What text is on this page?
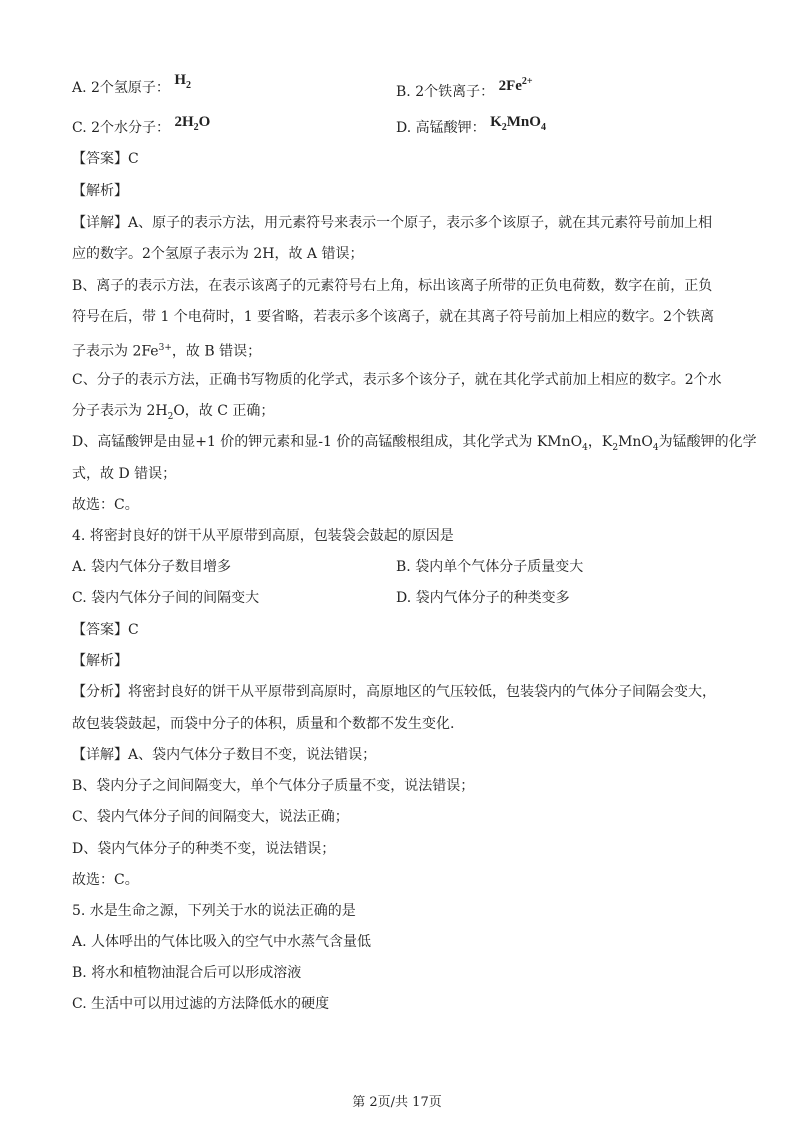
A. 2个氢原子： $H_2$	B. 2个铁离子： $2Fe^{2+}$
C. 2个水分子： $2H_2O$	D. 高锰酸钾： $K_2MnO_4$
【答案】C
【解析】
【详解】A、原子的表示方法，用元素符号来表示一个原子，表示多个该原子，就在其元素符号前加上相
应的数字。2个氢原子表示为 2H，故 A 错误；
B、离子的表示方法，在表示该离子的元素符号右上角，标出该离子所带的正负电荷数，数字在前，正负
符号在后，带 1 个电荷时，1 要省略，若表示多个该离子，就在其离子符号前加上相应的数字。2个铁离
子表示为 $2Fe^{3+}$，故 B 错误；
C、分子的表示方法，正确书写物质的化学式，表示多个该分子，就在其化学式前加上相应的数字。2个水
分子表示为 $2H_2O$，故 C 正确；
D、高锰酸钾是由显+1 价的钾元素和显-1 价的高锰酸根组成，其化学式为 KMnO$_4$，$K_2MnO_4$为锰酸钾的化学
式，故 D 错误；
故选：C。
4. 将密封良好的饼干从平原带到高原，包装袋会鼓起的原因是
A. 袋内气体分子数目增多	B. 袋内单个气体分子质量变大
C. 袋内气体分子间的间隔变大	D. 袋内气体分子的种类变多
【答案】C
【解析】
【分析】将密封良好的饼干从平原带到高原时，高原地区的气压较低，包装袋内的气体分子间隔会变大，
故包装袋鼓起，而袋中分子的体积，质量和个数都不发生变化.
【详解】A、袋内气体分子数目不变，说法错误；
B、袋内分子之间间隔变大，单个气体分子质量不变，说法错误；
C、袋内气体分子间的间隔变大，说法正确；
D、袋内气体分子的种类不变，说法错误；
故选：C。
5. 水是生命之源，下列关于水的说法正确的是
A. 人体呼出的气体比吸入的空气中水蒸气含量低
B. 将水和植物油混合后可以形成溶液
C. 生活中可以用过滤的方法降低水的硬度
第 2页/共 17页
